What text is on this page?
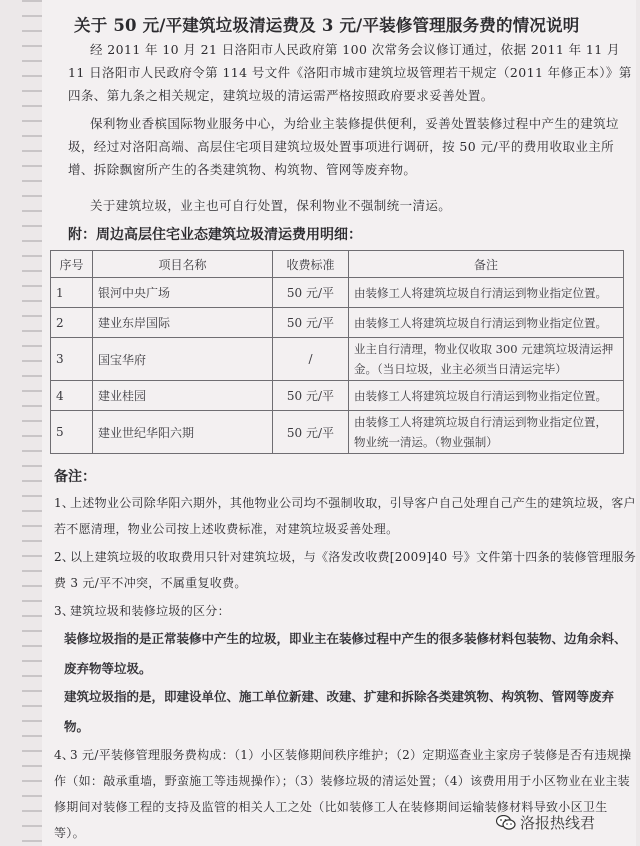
关于 50 元/平建筑垃圾清运费及 3 元/平装修管理服务费的情况说明
经 2011 年 10 月 21 日洛阳市人民政府第 100 次常务会议修订通过，依据 2011 年 11 月 11 日洛阳市人民政府令第 114 号文件《洛阳市城市建筑垃圾管理若干规定（2011 年修正本）》第四条、第九条之相关规定，建筑垃圾的清运需严格按照政府要求妥善处置。
保利物业香槟国际物业服务中心，为给业主装修提供便利，妥善处置装修过程中产生的建筑垃圾，经过对洛阳高端、高层住宅项目建筑垃圾处置事项进行调研，按 50 元/平的费用收取业主所增、拆除飘窗所产生的各类建筑物、构筑物、管网等废弃物。
关于建筑垃圾，业主也可自行处置，保利物业不强制统一清运。
附：周边高层住宅业态建筑垃圾清运费用明细：
序号	项目名称	收费标准	备注
1	银河中央广场	50 元/平	由装修工人将建筑垃圾自行清运到物业指定位置。
2	建业东岸国际	50 元/平	由装修工人将建筑垃圾自行清运到物业指定位置。
3	国宝华府	/	业主自行清理，物业仅收取 300 元建筑垃圾清运押金。（当日垃圾，业主必须当日清运完毕）
4	建业桂园	50 元/平	由装修工人将建筑垃圾自行清运到物业指定位置。
5	建业世纪华阳六期	50 元/平	由装修工人将建筑垃圾自行清运到物业指定位置，物业统一清运。（物业强制）
备注：
1、上述物业公司除华阳六期外，其他物业公司均不强制收取，引导客户自己处理自己产生的建筑垃圾，客户若不愿清理，物业公司按上述收费标准，对建筑垃圾妥善处理。
2、以上建筑垃圾的收取费用只针对建筑垃圾，与《洛发改收费[2009]40 号》文件第十四条的装修管理服务费 3 元/平不冲突，不属重复收费。
3、建筑垃圾和装修垃圾的区分：
装修垃圾指的是正常装修中产生的垃圾，即业主在装修过程中产生的很多装修材料包装物、边角余料、废弃物等垃圾。
建筑垃圾指的是，即建设单位、施工单位新建、改建、扩建和拆除各类建筑物、构筑物、管网等废弃物。
4、3 元/平装修管理服务费构成：（1）小区装修期间秩序维护；（2）定期巡查业主家房子装修是否有违规操作（如：敲承重墙，野蛮施工等违规操作）；（3）装修垃圾的清运处置；（4）该费用用于小区物业在业主装修期间对装修工程的支持及监管的相关人工之处（比如装修工人在装修期间运输装修材料导致小区卫生等）。
洛报热线君
